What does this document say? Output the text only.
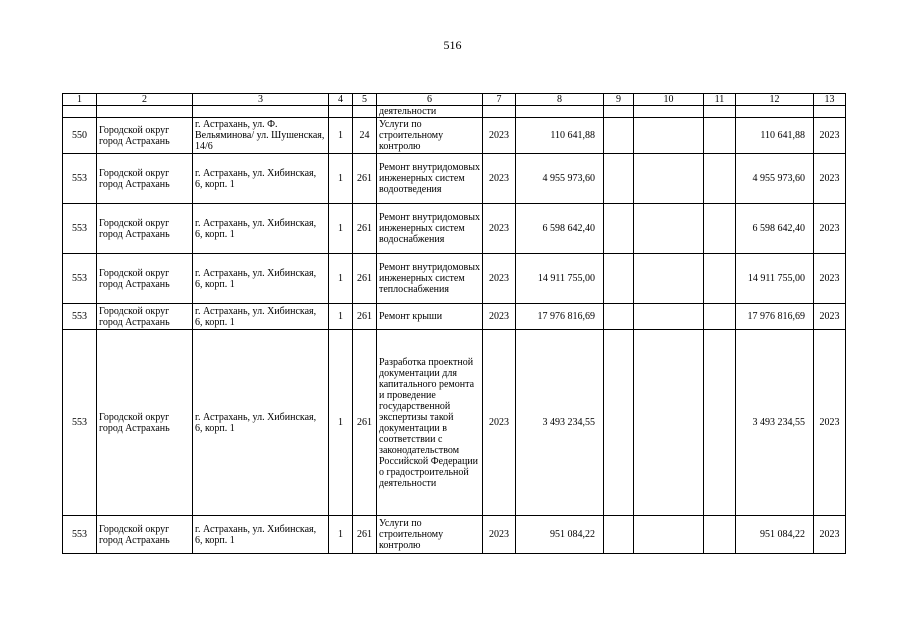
516
1	2	3	4	5	6	7	8	9	10	11	12	13
					деятельности							
550	Городской округ город Астрахань	г. Астрахань, ул. Ф. Вельяминова/ ул. Шушенская, 14/6	1	24	Услуги по строительному контролю	2023	110 641,88				110 641,88	2023
553	Городской округ город Астрахань	г. Астрахань, ул. Хибинская, 6, корп. 1	1	261	Ремонт внутридомовых инженерных систем водоотведения	2023	4 955 973,60				4 955 973,60	2023
553	Городской округ город Астрахань	г. Астрахань, ул. Хибинская, 6, корп. 1	1	261	Ремонт внутридомовых инженерных систем водоснабжения	2023	6 598 642,40				6 598 642,40	2023
553	Городской округ город Астрахань	г. Астрахань, ул. Хибинская, 6, корп. 1	1	261	Ремонт внутридомовых инженерных систем теплоснабжения	2023	14 911 755,00				14 911 755,00	2023
553	Городской округ город Астрахань	г. Астрахань, ул. Хибинская, 6, корп. 1	1	261	Ремонт крыши	2023	17 976 816,69				17 976 816,69	2023
553	Городской округ город Астрахань	г. Астрахань, ул. Хибинская, 6, корп. 1	1	261	Разработка проектной документации для капитального ремонта и проведение государственной экспертизы такой документации в соответствии с законодательством Российской Федерации о градостроительной деятельности	2023	3 493 234,55				3 493 234,55	2023
553	Городской округ город Астрахань	г. Астрахань, ул. Хибинская, 6, корп. 1	1	261	Услуги по строительному контролю	2023	951 084,22				951 084,22	2023
